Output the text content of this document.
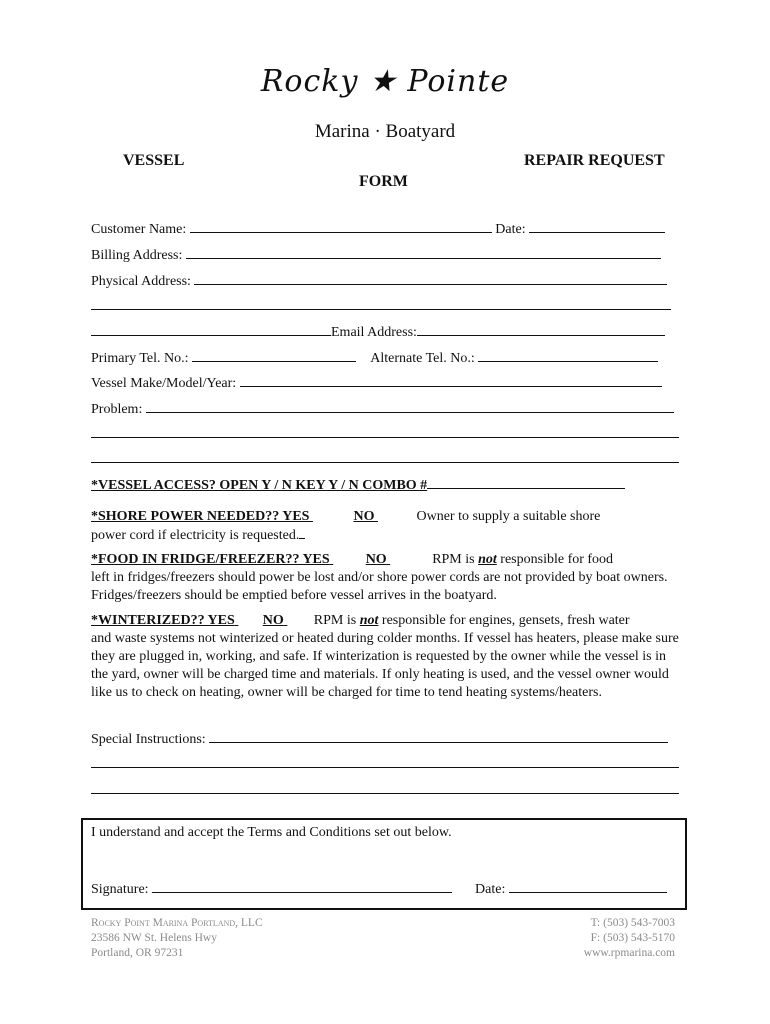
Rocky ★ Pointe
Marina · Boatyard
VESSEL	REPAIR REQUEST
FORM
Customer Name:	Date:
Billing Address:
Physical Address:
Email Address:
Primary Tel. No.:	Alternate Tel. No.:
Vessel Make/Model/Year:
Problem:
*VESSEL ACCESS? OPEN Y / N KEY Y / N COMBO #
*SHORE POWER NEEDED?? YES	NO	Owner to supply a suitable shore
power cord if electricity is requested.
*FOOD IN FRIDGE/FREEZER?? YES	NO	RPM is not responsible for food
left in fridges/freezers should power be lost and/or shore power cords are not provided by boat owners. Fridges/freezers should be emptied before vessel arrives in the boatyard.
*WINTERIZED?? YES NO RPM is not responsible for engines, gensets, fresh water
and waste systems not winterized or heated during colder months. If vessel has heaters, please make sure they are plugged in, working, and safe. If winterization is requested by the owner while the vessel is in the yard, owner will be charged time and materials. If only heating is used, and the vessel owner would like us to check on heating, owner will be charged for time to tend heating systems/heaters.
Special Instructions:
I understand and accept the Terms and Conditions set out below.
Signature:	Date:
Rocky Point Marina Portland, LLC
23586 NW St. Helens Hwy
Portland, OR 97231
T: (503) 543-7003
F: (503) 543-5170
www.rpmarina.com
